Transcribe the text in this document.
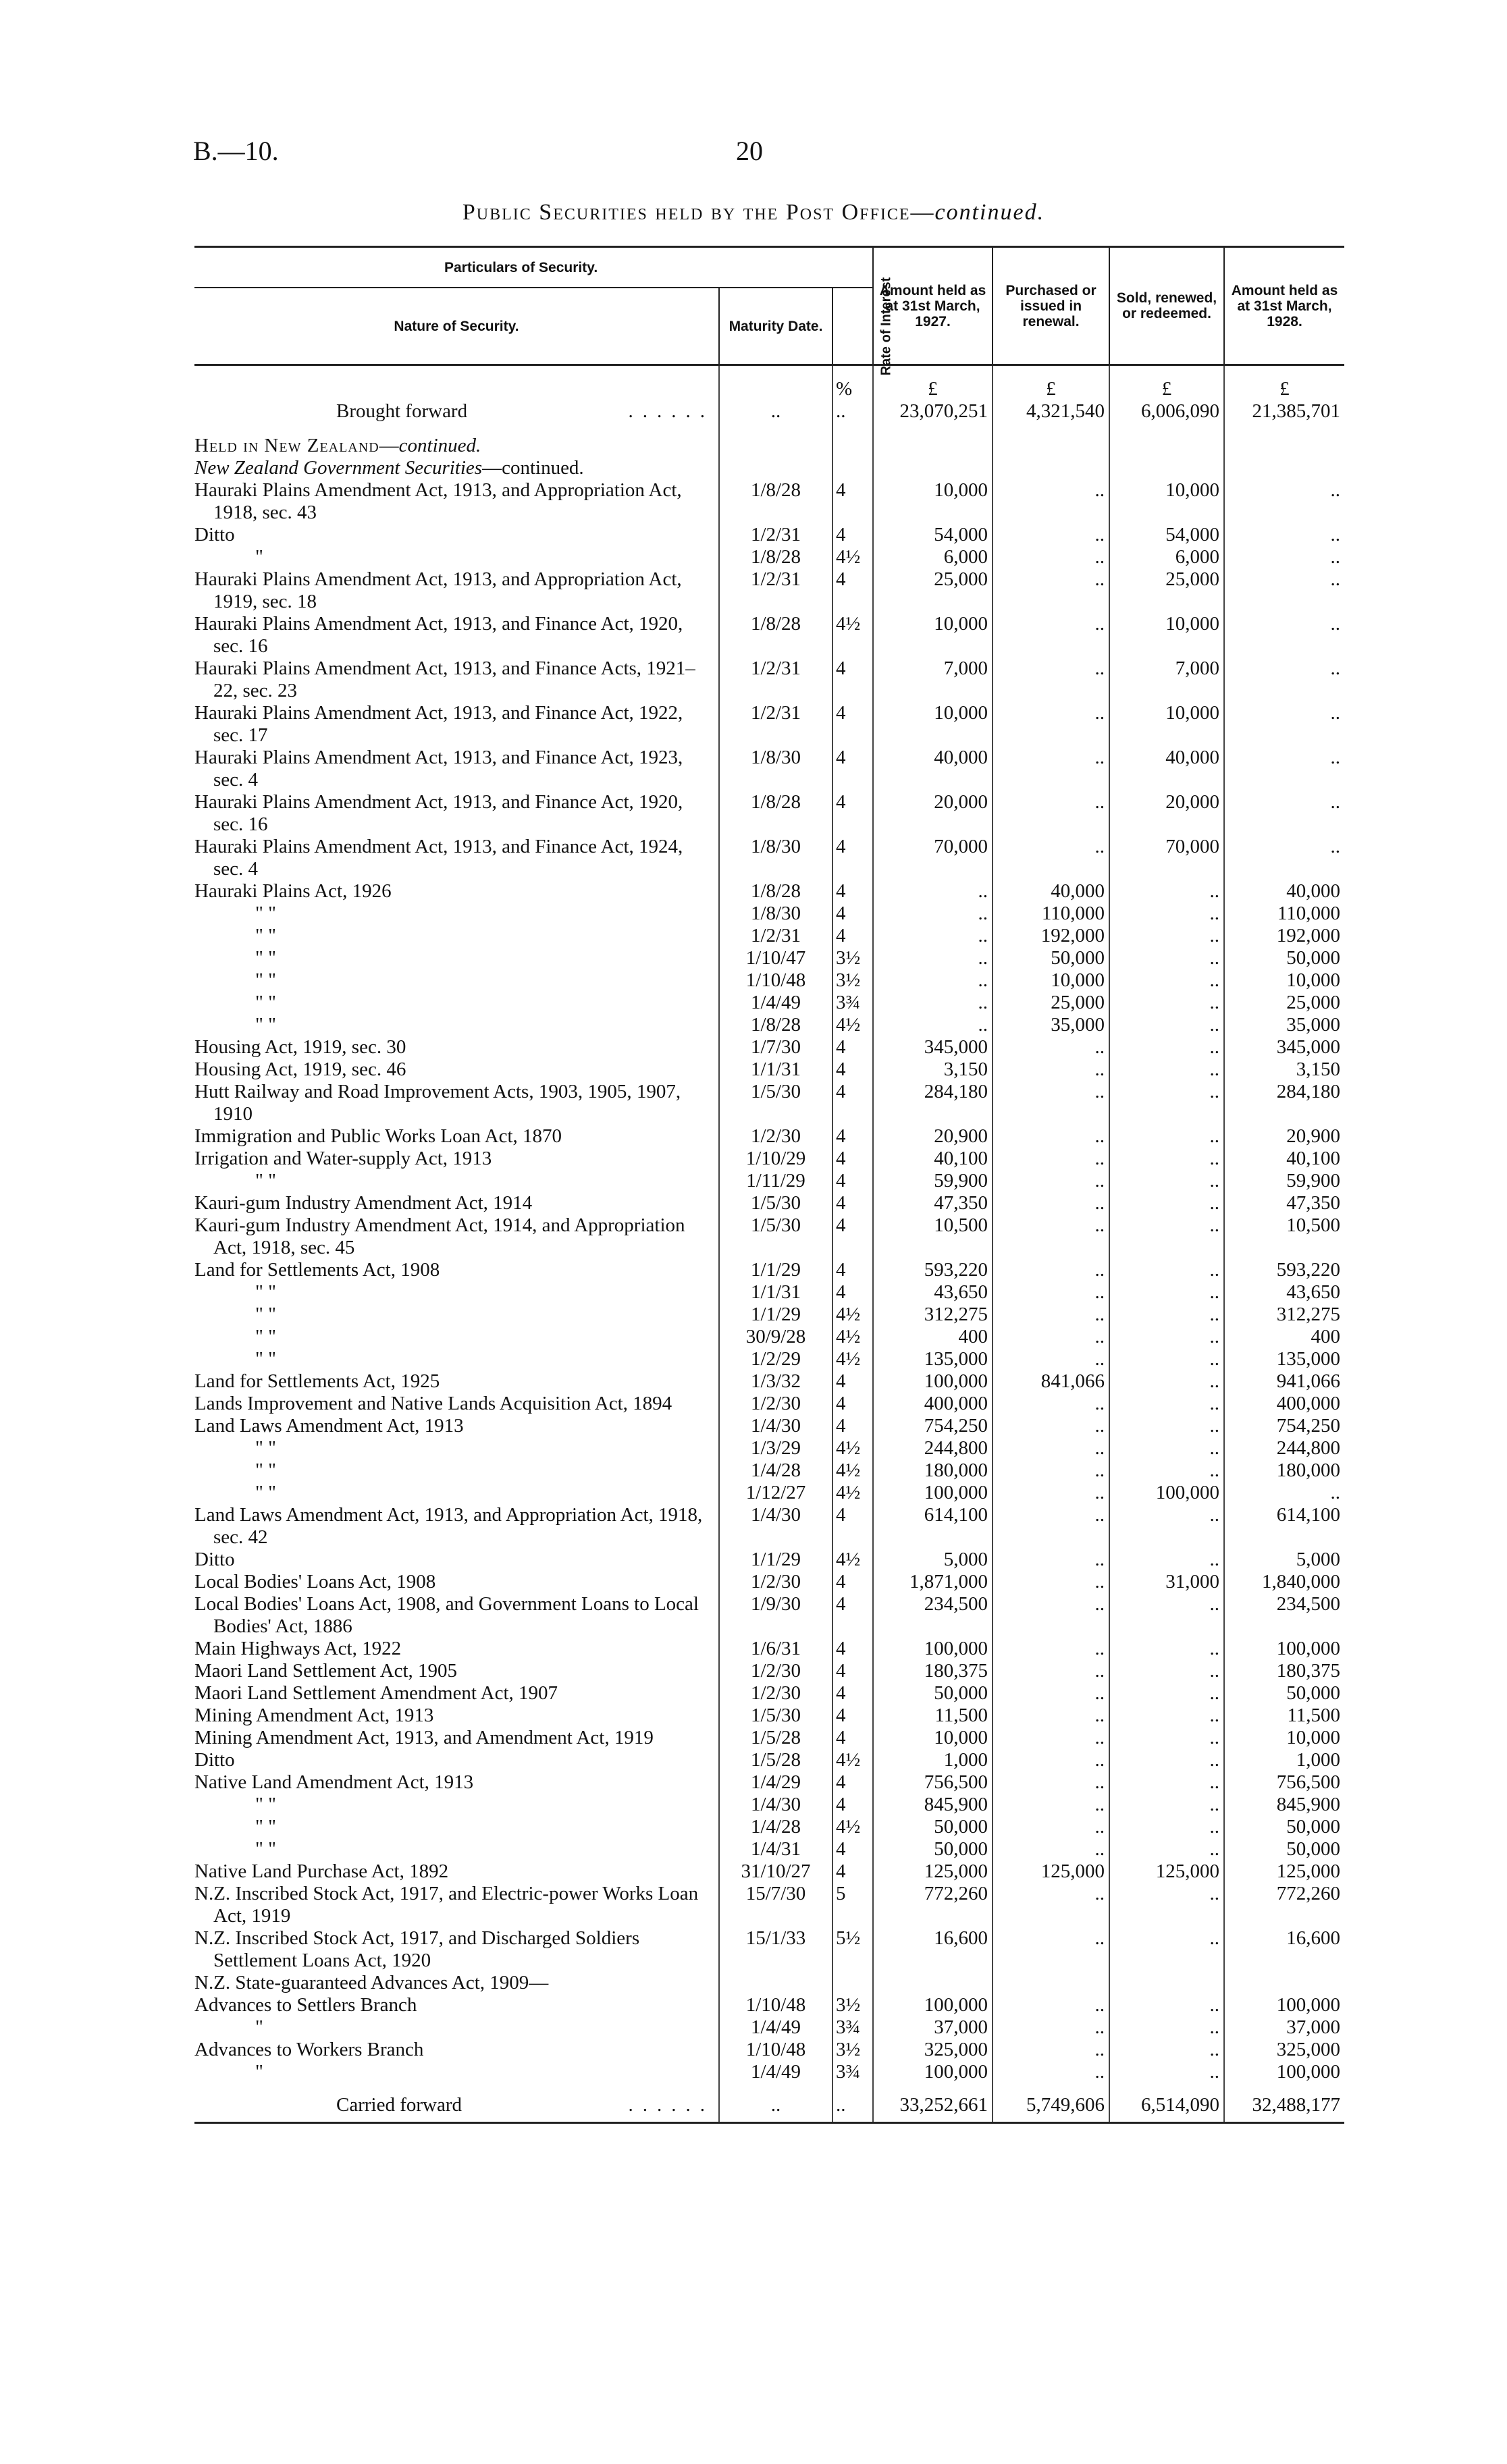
B.—10.	20
Public Securities held by the Post Office—continued.
Particulars of Security.			Amount held as at 31st March, 1927.	Purchased or issued in renewal.	Sold, renewed, or redeemed.	Amount held as at 31st March, 1928.
Nature of Security.	Maturity Date.	Rate of Interest				
		%	£	£	£	£

Brought forward ......	..	..	23,070,251	4,321,540	6,006,090	21,385,701

Held in New Zealand—continued.						
New Zealand Government Securities—continued.						
Hauraki Plains Amendment Act, 1913, and Appropriation Act, 1918, sec. 43	1/8/28	4	10,000	..	10,000	..
Ditto	1/2/31	4	54,000	..	54,000	..
"	1/8/28	4½	6,000	..	6,000	..
Hauraki Plains Amendment Act, 1913, and Appropriation Act, 1919, sec. 18	1/2/31	4	25,000	..	25,000	..
Hauraki Plains Amendment Act, 1913, and Finance Act, 1920, sec. 16	1/8/28	4½	10,000	..	10,000	..
Hauraki Plains Amendment Act, 1913, and Finance Acts, 1921–22, sec. 23	1/2/31	4	7,000	..	7,000	..
Hauraki Plains Amendment Act, 1913, and Finance Act, 1922, sec. 17	1/2/31	4	10,000	..	10,000	..
Hauraki Plains Amendment Act, 1913, and Finance Act, 1923, sec. 4	1/8/30	4	40,000	..	40,000	..
Hauraki Plains Amendment Act, 1913, and Finance Act, 1920, sec. 16	1/8/28	4	20,000	..	20,000	..
Hauraki Plains Amendment Act, 1913, and Finance Act, 1924, sec. 4	1/8/30	4	70,000	..	70,000	..
Hauraki Plains Act, 1926	1/8/28	4	..	40,000	..	40,000
" "	1/8/30	4	..	110,000	..	110,000
" "	1/2/31	4	..	192,000	..	192,000
" "	1/10/47	3½	..	50,000	..	50,000
" "	1/10/48	3½	..	10,000	..	10,000
" "	1/4/49	3¾	..	25,000	..	25,000
" "	1/8/28	4½	..	35,000	..	35,000
Housing Act, 1919, sec. 30	1/7/30	4	345,000	..	..	345,000
Housing Act, 1919, sec. 46	1/1/31	4	3,150	..	..	3,150
Hutt Railway and Road Improvement Acts, 1903, 1905, 1907, 1910	1/5/30	4	284,180	..	..	284,180
Immigration and Public Works Loan Act, 1870	1/2/30	4	20,900	..	..	20,900
Irrigation and Water-supply Act, 1913	1/10/29	4	40,100	..	..	40,100
" "	1/11/29	4	59,900	..	..	59,900
Kauri-gum Industry Amendment Act, 1914	1/5/30	4	47,350	..	..	47,350
Kauri-gum Industry Amendment Act, 1914, and Appropriation Act, 1918, sec. 45	1/5/30	4	10,500	..	..	10,500
Land for Settlements Act, 1908	1/1/29	4	593,220	..	..	593,220
" "	1/1/31	4	43,650	..	..	43,650
" "	1/1/29	4½	312,275	..	..	312,275
" "	30/9/28	4½	400	..	..	400
" "	1/2/29	4½	135,000	..	..	135,000
Land for Settlements Act, 1925	1/3/32	4	100,000	841,066	..	941,066
Lands Improvement and Native Lands Acquisition Act, 1894	1/2/30	4	400,000	..	..	400,000
Land Laws Amendment Act, 1913	1/4/30	4	754,250	..	..	754,250
" "	1/3/29	4½	244,800	..	..	244,800
" "	1/4/28	4½	180,000	..	..	180,000
" "	1/12/27	4½	100,000	..	100,000	..
Land Laws Amendment Act, 1913, and Appropriation Act, 1918, sec. 42	1/4/30	4	614,100	..	..	614,100
Ditto	1/1/29	4½	5,000	..	..	5,000
Local Bodies' Loans Act, 1908	1/2/30	4	1,871,000	..	31,000	1,840,000
Local Bodies' Loans Act, 1908, and Government Loans to Local Bodies' Act, 1886	1/9/30	4	234,500	..	..	234,500
Main Highways Act, 1922	1/6/31	4	100,000	..	..	100,000
Maori Land Settlement Act, 1905	1/2/30	4	180,375	..	..	180,375
Maori Land Settlement Amendment Act, 1907	1/2/30	4	50,000	..	..	50,000
Mining Amendment Act, 1913	1/5/30	4	11,500	..	..	11,500
Mining Amendment Act, 1913, and Amendment Act, 1919	1/5/28	4	10,000	..	..	10,000
Ditto	1/5/28	4½	1,000	..	..	1,000
Native Land Amendment Act, 1913	1/4/29	4	756,500	..	..	756,500
" "	1/4/30	4	845,900	..	..	845,900
" "	1/4/28	4½	50,000	..	..	50,000
" "	1/4/31	4	50,000	..	..	50,000
Native Land Purchase Act, 1892	31/10/27	4	125,000	125,000	125,000	125,000
N.Z. Inscribed Stock Act, 1917, and Electric-power Works Loan Act, 1919	15/7/30	5	772,260	..	..	772,260
N.Z. Inscribed Stock Act, 1917, and Discharged Soldiers Settlement Loans Act, 1920	15/1/33	5½	16,600	..	..	16,600
N.Z. State-guaranteed Advances Act, 1909—						
Advances to Settlers Branch	1/10/48	3½	100,000	..	..	100,000
"	1/4/49	3¾	37,000	..	..	37,000
Advances to Workers Branch	1/10/48	3½	325,000	..	..	325,000
"	1/4/49	3¾	100,000	..	..	100,000

Carried forward ......	..	..	33,252,661	5,749,606	6,514,090	32,488,177
